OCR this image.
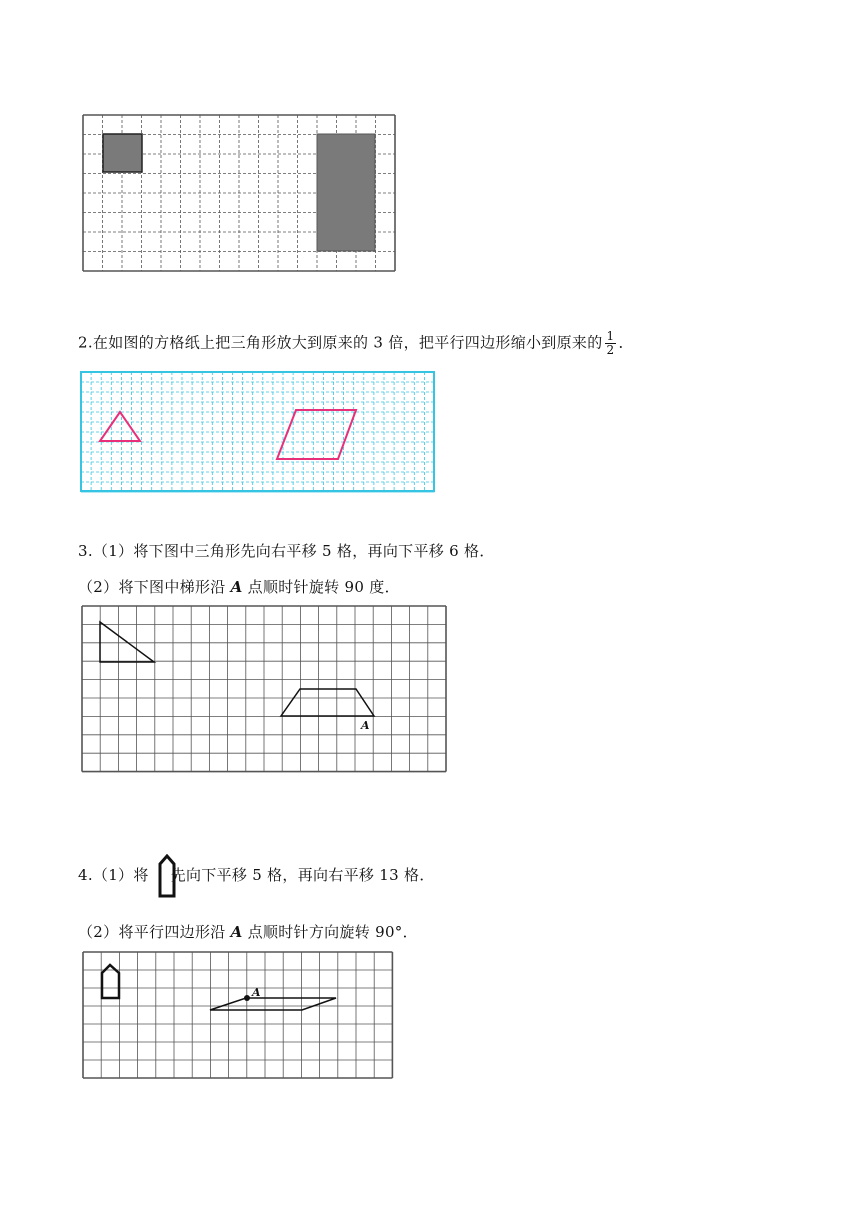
2.在如图的方格纸上把三角形放大到原来的 3 倍，把平行四边形缩小到原来的 $\frac{1}{2}$ ．
3.（1）将下图中三角形先向右平移 5 格，再向下平移 6 格．
（2）将下图中梯形沿 A 点顺时针旋转 90 度．
A
4.（1）将 先向下平移 5 格，再向右平移 13 格．
（2）将平行四边形沿 A 点顺时针方向旋转 90°．
A
